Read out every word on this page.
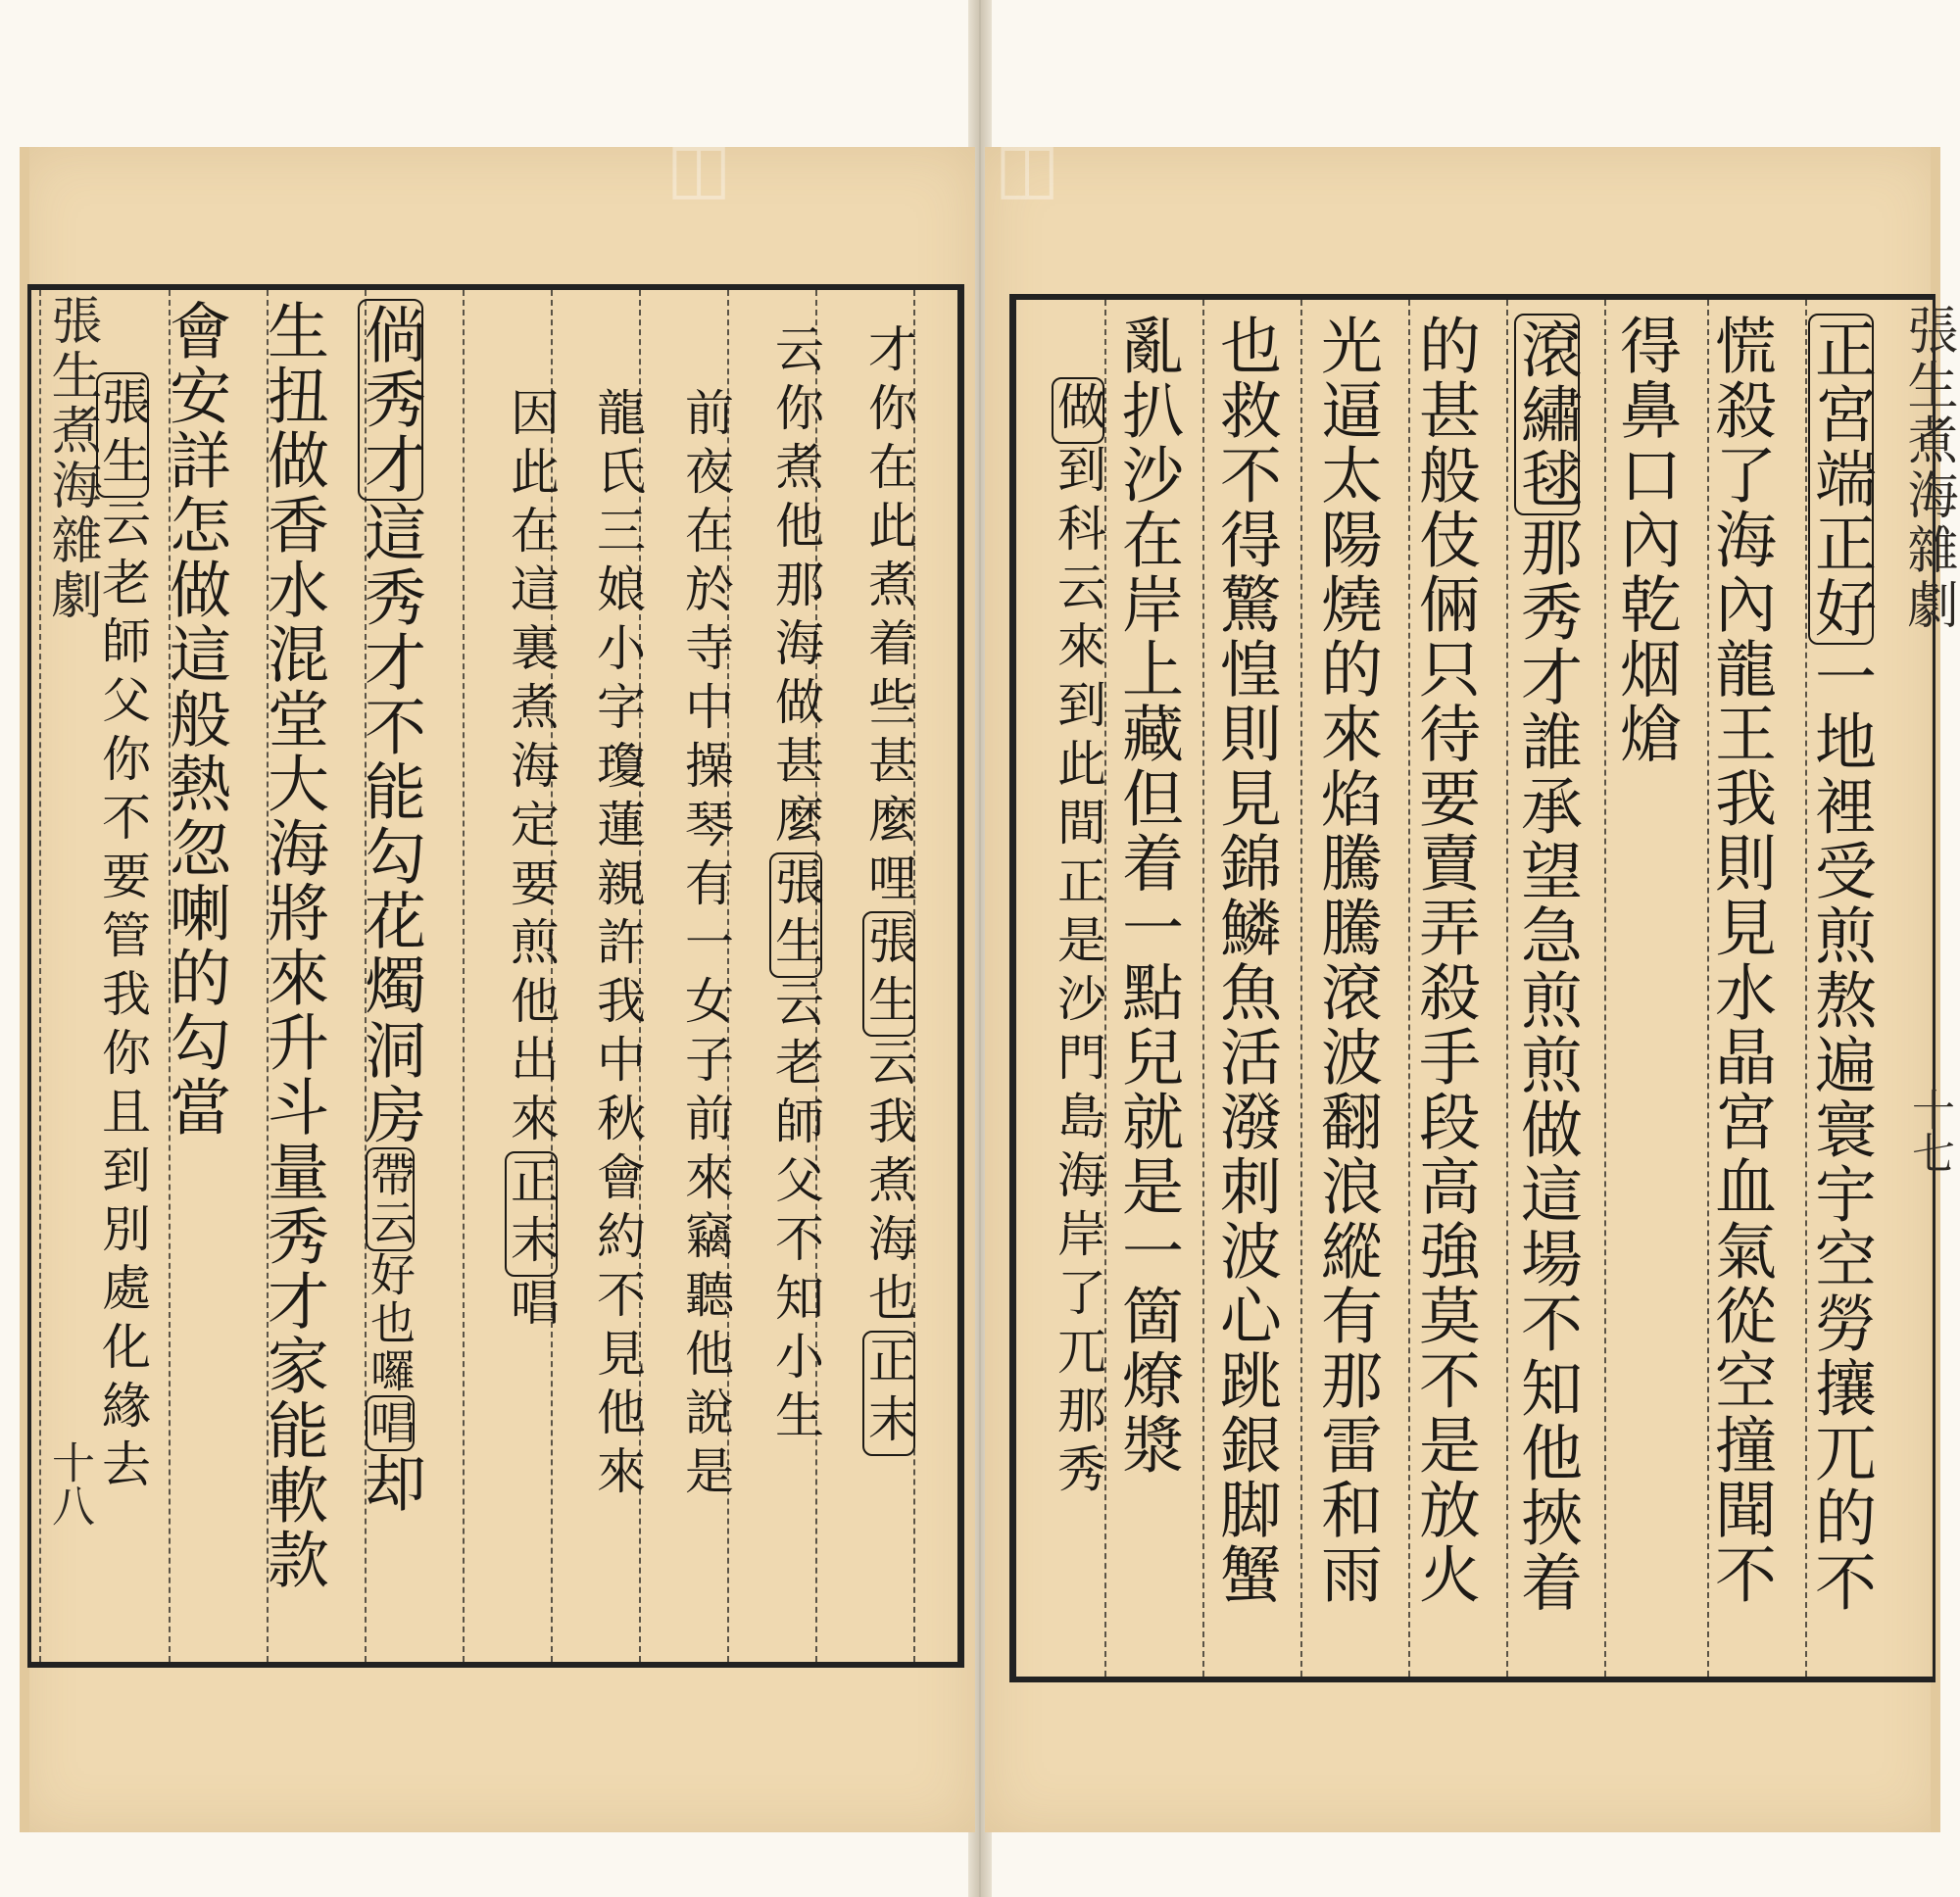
◫	◫
張生煮海雜劇
十八
才你在此煮着些甚麼哩張生云我煮海也正末
云你煮他那海做甚麼張生云老師父不知小生
前夜在於寺中操琴有一女子前來竊聽他說是
龍氏三娘小字瓊蓮親許我中秋會約不見他來
因此在這裏煮海定要煎他出來正末唱
倘秀才這秀才不能勾花燭洞房帶云好也囉唱却
生扭做香水混堂大海將來升斗量秀才家能軟款
會安詳怎做這般熱忽喇的勾當
張生云老師父你不要管我你且到別處化緣去
張生煮海雜劇
十七
正宮端正好一地裡受煎熬遍寰宇空勞攘兀的不
慌殺了海內龍王我則見水晶宮血氣從空撞聞不
得鼻口內乾烟熗
滾繡毬那秀才誰承望急煎煎做這場不知他挾着
的甚般伎倆只待要賣弄殺手段高強莫不是放火
光逼太陽燒的來焰騰騰滾波翻浪縱有那雷和雨
也救不得驚惶則見錦鱗魚活潑刺波心跳銀脚蟹
亂扒沙在岸上藏但着一點兒就是一箇燎漿
做到科云來到此間正是沙門島海岸了兀那秀
